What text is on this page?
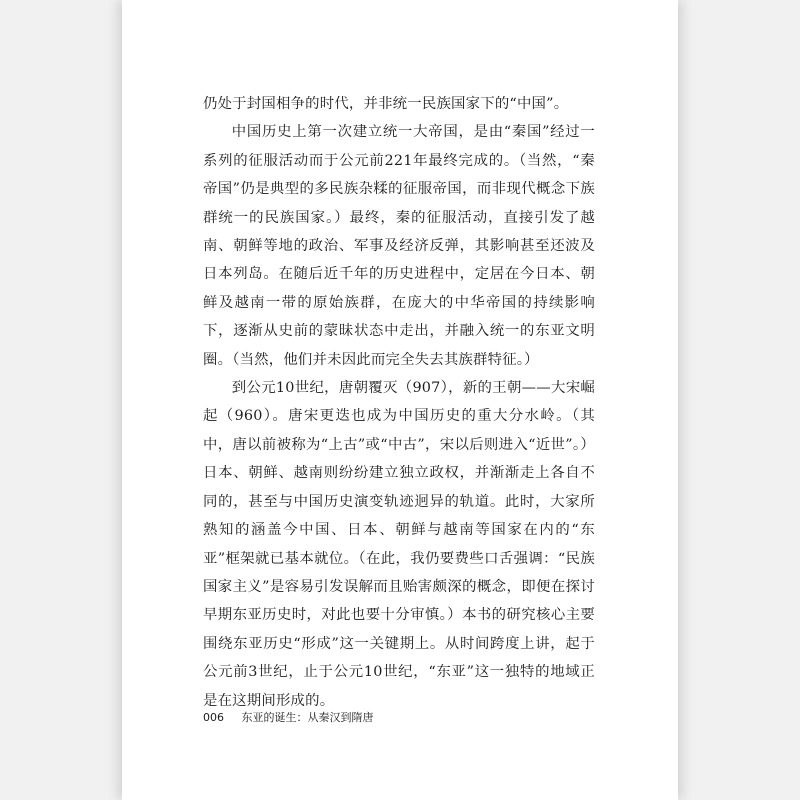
仍处于封国相争的时代，并非统一民族国家下的“中国”。

中国历史上第一次建立统一大帝国，是由“秦国”经过一系列的征服活动而于公元前221年最终完成的。（当然，“秦帝国”仍是典型的多民族杂糅的征服帝国，而非现代概念下族群统一的民族国家。）最终，秦的征服活动，直接引发了越南、朝鲜等地的政治、军事及经济反弹，其影响甚至还波及日本列岛。在随后近千年的历史进程中，定居在今日本、朝鲜及越南一带的原始族群，在庞大的中华帝国的持续影响下，逐渐从史前的蒙昧状态中走出，并融入统一的东亚文明圈。（当然，他们并未因此而完全失去其族群特征。）

到公元10世纪，唐朝覆灭（907），新的王朝——大宋崛起（960）。唐宋更迭也成为中国历史的重大分水岭。（其中，唐以前被称为“上古”或“中古”，宋以后则进入“近世”。）日本、朝鲜、越南则纷纷建立独立政权，并渐渐走上各自不同的，甚至与中国历史演变轨迹迥异的轨道。此时，大家所熟知的涵盖今中国、日本、朝鲜与越南等国家在内的“东亚”框架就已基本就位。（在此，我仍要费些口舌强调：“民族国家主义”是容易引发误解而且贻害颇深的概念，即便在探讨早期东亚历史时，对此也要十分审慎。）本书的研究核心主要围绕东亚历史“形成”这一关键期上。从时间跨度上讲，起于公元前3世纪，止于公元10世纪，“东亚”这一独特的地域正是在这期间形成的。

006 东亚的诞生：从秦汉到隋唐
